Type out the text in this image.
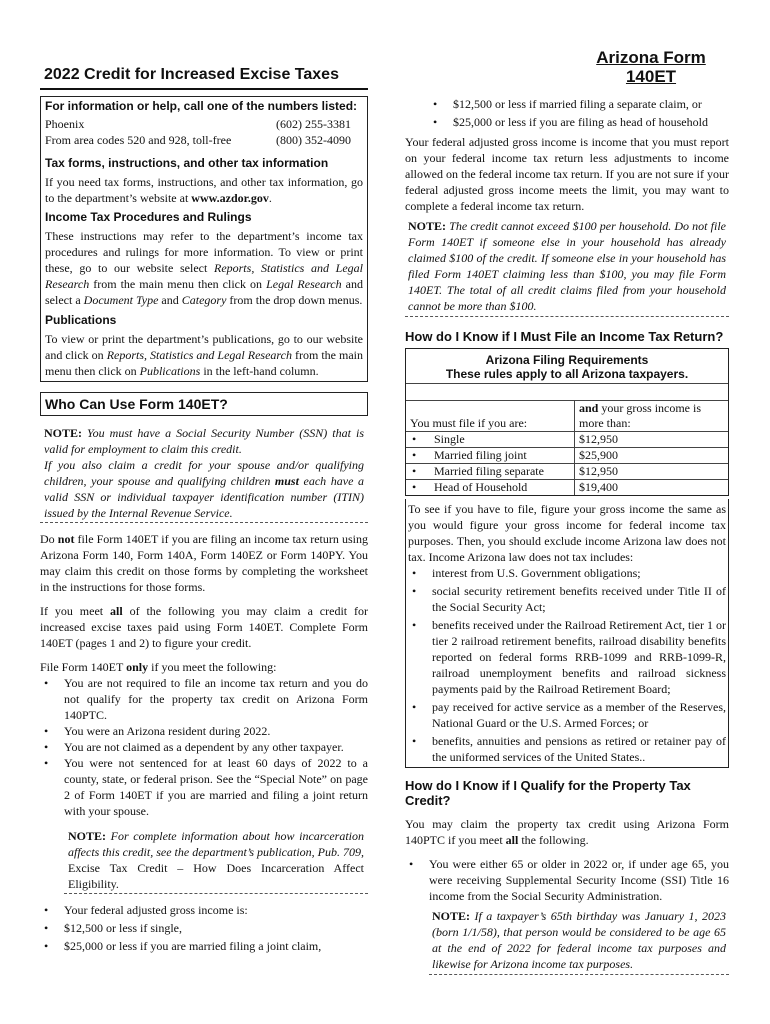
2022 Credit for Increased Excise Taxes
Arizona Form
140ET
For information or help, call one of the numbers listed:
Phoenix	(602) 255-3381
From area codes 520 and 928, toll-free	(800) 352-4090
Tax forms, instructions, and other tax information

If you need tax forms, instructions, and other tax information, go to the department’s website at www.azdor.gov.

Income Tax Procedures and Rulings

These instructions may refer to the department’s income tax procedures and rulings for more information. To view or print these, go to our website select Reports, Statistics and Legal Research from the main menu then click on Legal Research and select a Document Type and Category from the drop down menus.

Publications

To view or print the department’s publications, go to our website and click on Reports, Statistics and Legal Research from the main menu then click on Publications in the left-hand column.

Who Can Use Form 140ET?

NOTE: You must have a Social Security Number (SSN) that is valid for employment to claim this credit.

If you also claim a credit for your spouse and/or qualifying children, your spouse and qualifying children must each have a valid SSN or individual taxpayer identification number (ITIN) issued by the Internal Revenue Service.

Do not file Form 140ET if you are filing an income tax return using Arizona Form 140, Form 140A, Form 140EZ or Form 140PY. You may claim this credit on those forms by completing the worksheet in the instructions for those forms.

If you meet all of the following you may claim a credit for increased excise taxes paid using Form 140ET. Complete Form 140ET (pages 1 and 2) to figure your credit.

File Form 140ET only if you meet the following:

• You are not required to file an income tax return and you do not qualify for the property tax credit on Arizona Form 140PTC.
• You were an Arizona resident during 2022.
• You are not claimed as a dependent by any other taxpayer.
• You were not sentenced for at least 60 days of 2022 to a county, state, or federal prison. See the “Special Note” on page 2 of Form 140ET if you are married and filing a joint return with your spouse.

NOTE: For complete information about how incarceration affects this credit, see the department’s publication, Pub. 709, Excise Tax Credit – How Does Incarceration Affect Eligibility.

• Your federal adjusted gross income is:
• $12,500 or less if single,
• $25,000 or less if you are married filing a joint claim,
• $12,500 or less if married filing a separate claim, or
• $25,000 or less if you are filing as head of household

Your federal adjusted gross income is income that you must report on your federal income tax return less adjustments to income allowed on the federal income tax return. If you are not sure if your federal adjusted gross income meets the limit, you may want to complete a federal income tax return.

NOTE: The credit cannot exceed $100 per household. Do not file Form 140ET if someone else in your household has already claimed $100 of the credit. If someone else in your household has filed Form 140ET claiming less than $100, you may file Form 140ET. The total of all credit claims filed from your household cannot be more than $100.

How do I Know if I Must File an Income Tax Return?
Arizona Filing Requirements
These rules apply to all Arizona taxpayers.
You must file if you are:	and your gross income is more than:

• Single	$12,950

• Married filing joint	$25,900

• Married filing separate	$12,950

• Head of Household	$19,400

To see if you have to file, figure your gross income the same as you would figure your gross income for federal income tax purposes. Then, you should exclude income Arizona law does not tax. Income Arizona law does not tax includes:

• interest from U.S. Government obligations;
• social security retirement benefits received under Title II of the Social Security Act;
• benefits received under the Railroad Retirement Act, tier 1 or tier 2 railroad retirement benefits, railroad disability benefits reported on federal forms RRB-1099 and RRB-1099-R, railroad unemployment benefits and railroad sickness payments paid by the Railroad Retirement Board;
• pay received for active service as a member of the Reserves, National Guard or the U.S. Armed Forces; or
• benefits, annuities and pensions as retired or retainer pay of the uniformed services of the United States..
How do I Know if I Qualify for the Property Tax Credit?

You may claim the property tax credit using Arizona Form 140PTC if you meet all the following.

• You were either 65 or older in 2022 or, if under age 65, you were receiving Supplemental Security Income (SSI) Title 16 income from the Social Security Administration.

NOTE: If a taxpayer’s 65th birthday was January 1, 2023 (born 1/1/58), that person would be considered to be age 65 at the end of 2022 for federal income tax purposes and likewise for Arizona income tax purposes.
